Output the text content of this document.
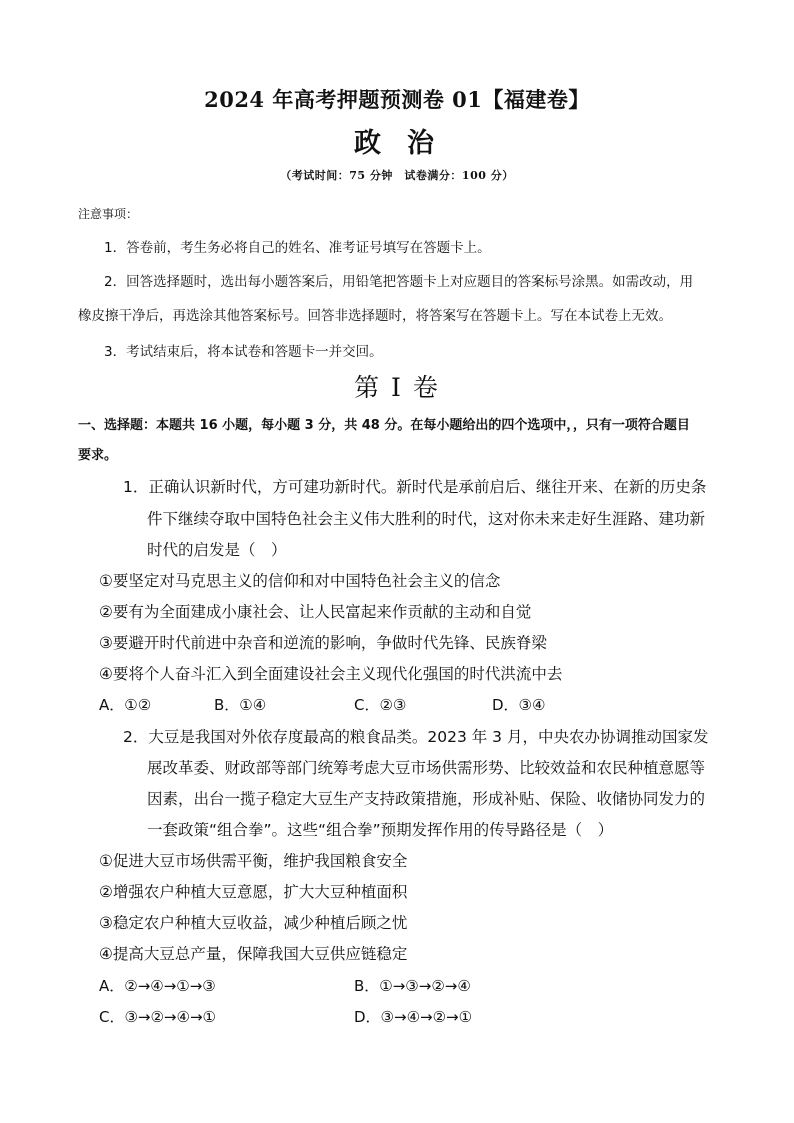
2024 年高考押题预测卷 01【福建卷】
政治
（考试时间：75 分钟　试卷满分：100 分）
注意事项：
1．答卷前，考生务必将自己的姓名、准考证号填写在答题卡上。
2．回答选择题时，选出每小题答案后，用铅笔把答题卡上对应题目的答案标号涂黑。如需改动，用
橡皮擦干净后，再选涂其他答案标号。回答非选择题时，将答案写在答题卡上。写在本试卷上无效。
3．考试结束后，将本试卷和答题卡一并交回。
第 I 卷
一、选择题：本题共 16 小题，每小题 3 分，共 48 分。在每小题给出的四个选项中，，只有一项符合题目
要求。
1．正确认识新时代，方可建功新时代。新时代是承前启后、继往开来、在新的历史条
件下继续夺取中国特色社会主义伟大胜利的时代，这对你未来走好生涯路、建功新
时代的启发是（　）
①要坚定对马克思主义的信仰和对中国特色社会主义的信念
②要有为全面建成小康社会、让人民富起来作贡献的主动和自觉
③要避开时代前进中杂音和逆流的影响，争做时代先锋、民族脊梁
④要将个人奋斗汇入到全面建设社会主义现代化强国的时代洪流中去
A．①②	B．①④	C．②③	D．③④
2．大豆是我国对外依存度最高的粮食品类。2023 年 3 月，中央农办协调推动国家发
展改革委、财政部等部门统筹考虑大豆市场供需形势、比较效益和农民种植意愿等
因素，出台一揽子稳定大豆生产支持政策措施，形成补贴、保险、收储协同发力的
一套政策“组合拳”。这些“组合拳”预期发挥作用的传导路径是（　）
①促进大豆市场供需平衡，维护我国粮食安全
②增强农户种植大豆意愿，扩大大豆种植面积
③稳定农户种植大豆收益，减少种植后顾之忧
④提高大豆总产量，保障我国大豆供应链稳定
A．②→④→①→③	B．①→③→②→④
C．③→②→④→①	D．③→④→②→①
